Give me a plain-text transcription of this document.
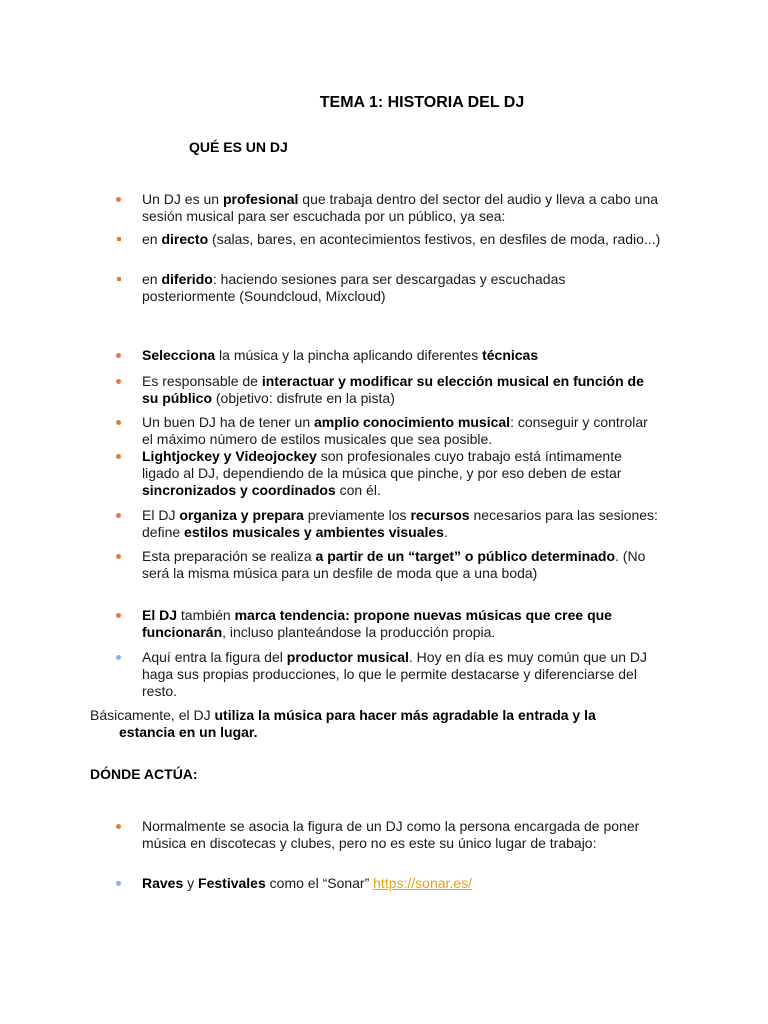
TEMA 1: HISTORIA DEL DJ
QUÉ ES UN DJ
Un DJ es un profesional que trabaja dentro del sector del audio y lleva a cabo una sesión musical para ser escuchada por un público, ya sea:
en directo (salas, bares, en acontecimientos festivos, en desfiles de moda, radio...)
en diferido: haciendo sesiones para ser descargadas y escuchadas posteriormente (Soundcloud, Mixcloud)
Selecciona la música y la pincha aplicando diferentes técnicas
Es responsable de interactuar y modificar su elección musical en función de su público (objetivo: disfrute en la pista)
Un buen DJ ha de tener un amplio conocimiento musical: conseguir y controlar el máximo número de estilos musicales que sea posible.
Lightjockey y Videojockey son profesionales cuyo trabajo está íntimamente ligado al DJ, dependiendo de la música que pinche, y por eso deben de estar sincronizados y coordinados con él.
El DJ organiza y prepara previamente los recursos necesarios para las sesiones: define estilos musicales y ambientes visuales.
Esta preparación se realiza a partir de un “target” o público determinado. (No será la misma música para un desfile de moda que a una boda)
El DJ también marca tendencia: propone nuevas músicas que cree que funcionarán, incluso planteándose la producción propia.
Aquí entra la figura del productor musical. Hoy en día es muy común que un DJ haga sus propias producciones, lo que le permite destacarse y diferenciarse del resto.
Básicamente, el DJ utiliza la música para hacer más agradable la entrada y la
estancia en un lugar.
DÓNDE ACTÚA:
Normalmente se asocia la figura de un DJ como la persona encargada de poner música en discotecas y clubes, pero no es este su único lugar de trabajo:
Raves y Festivales como el “Sonar” https://sonar.es/
